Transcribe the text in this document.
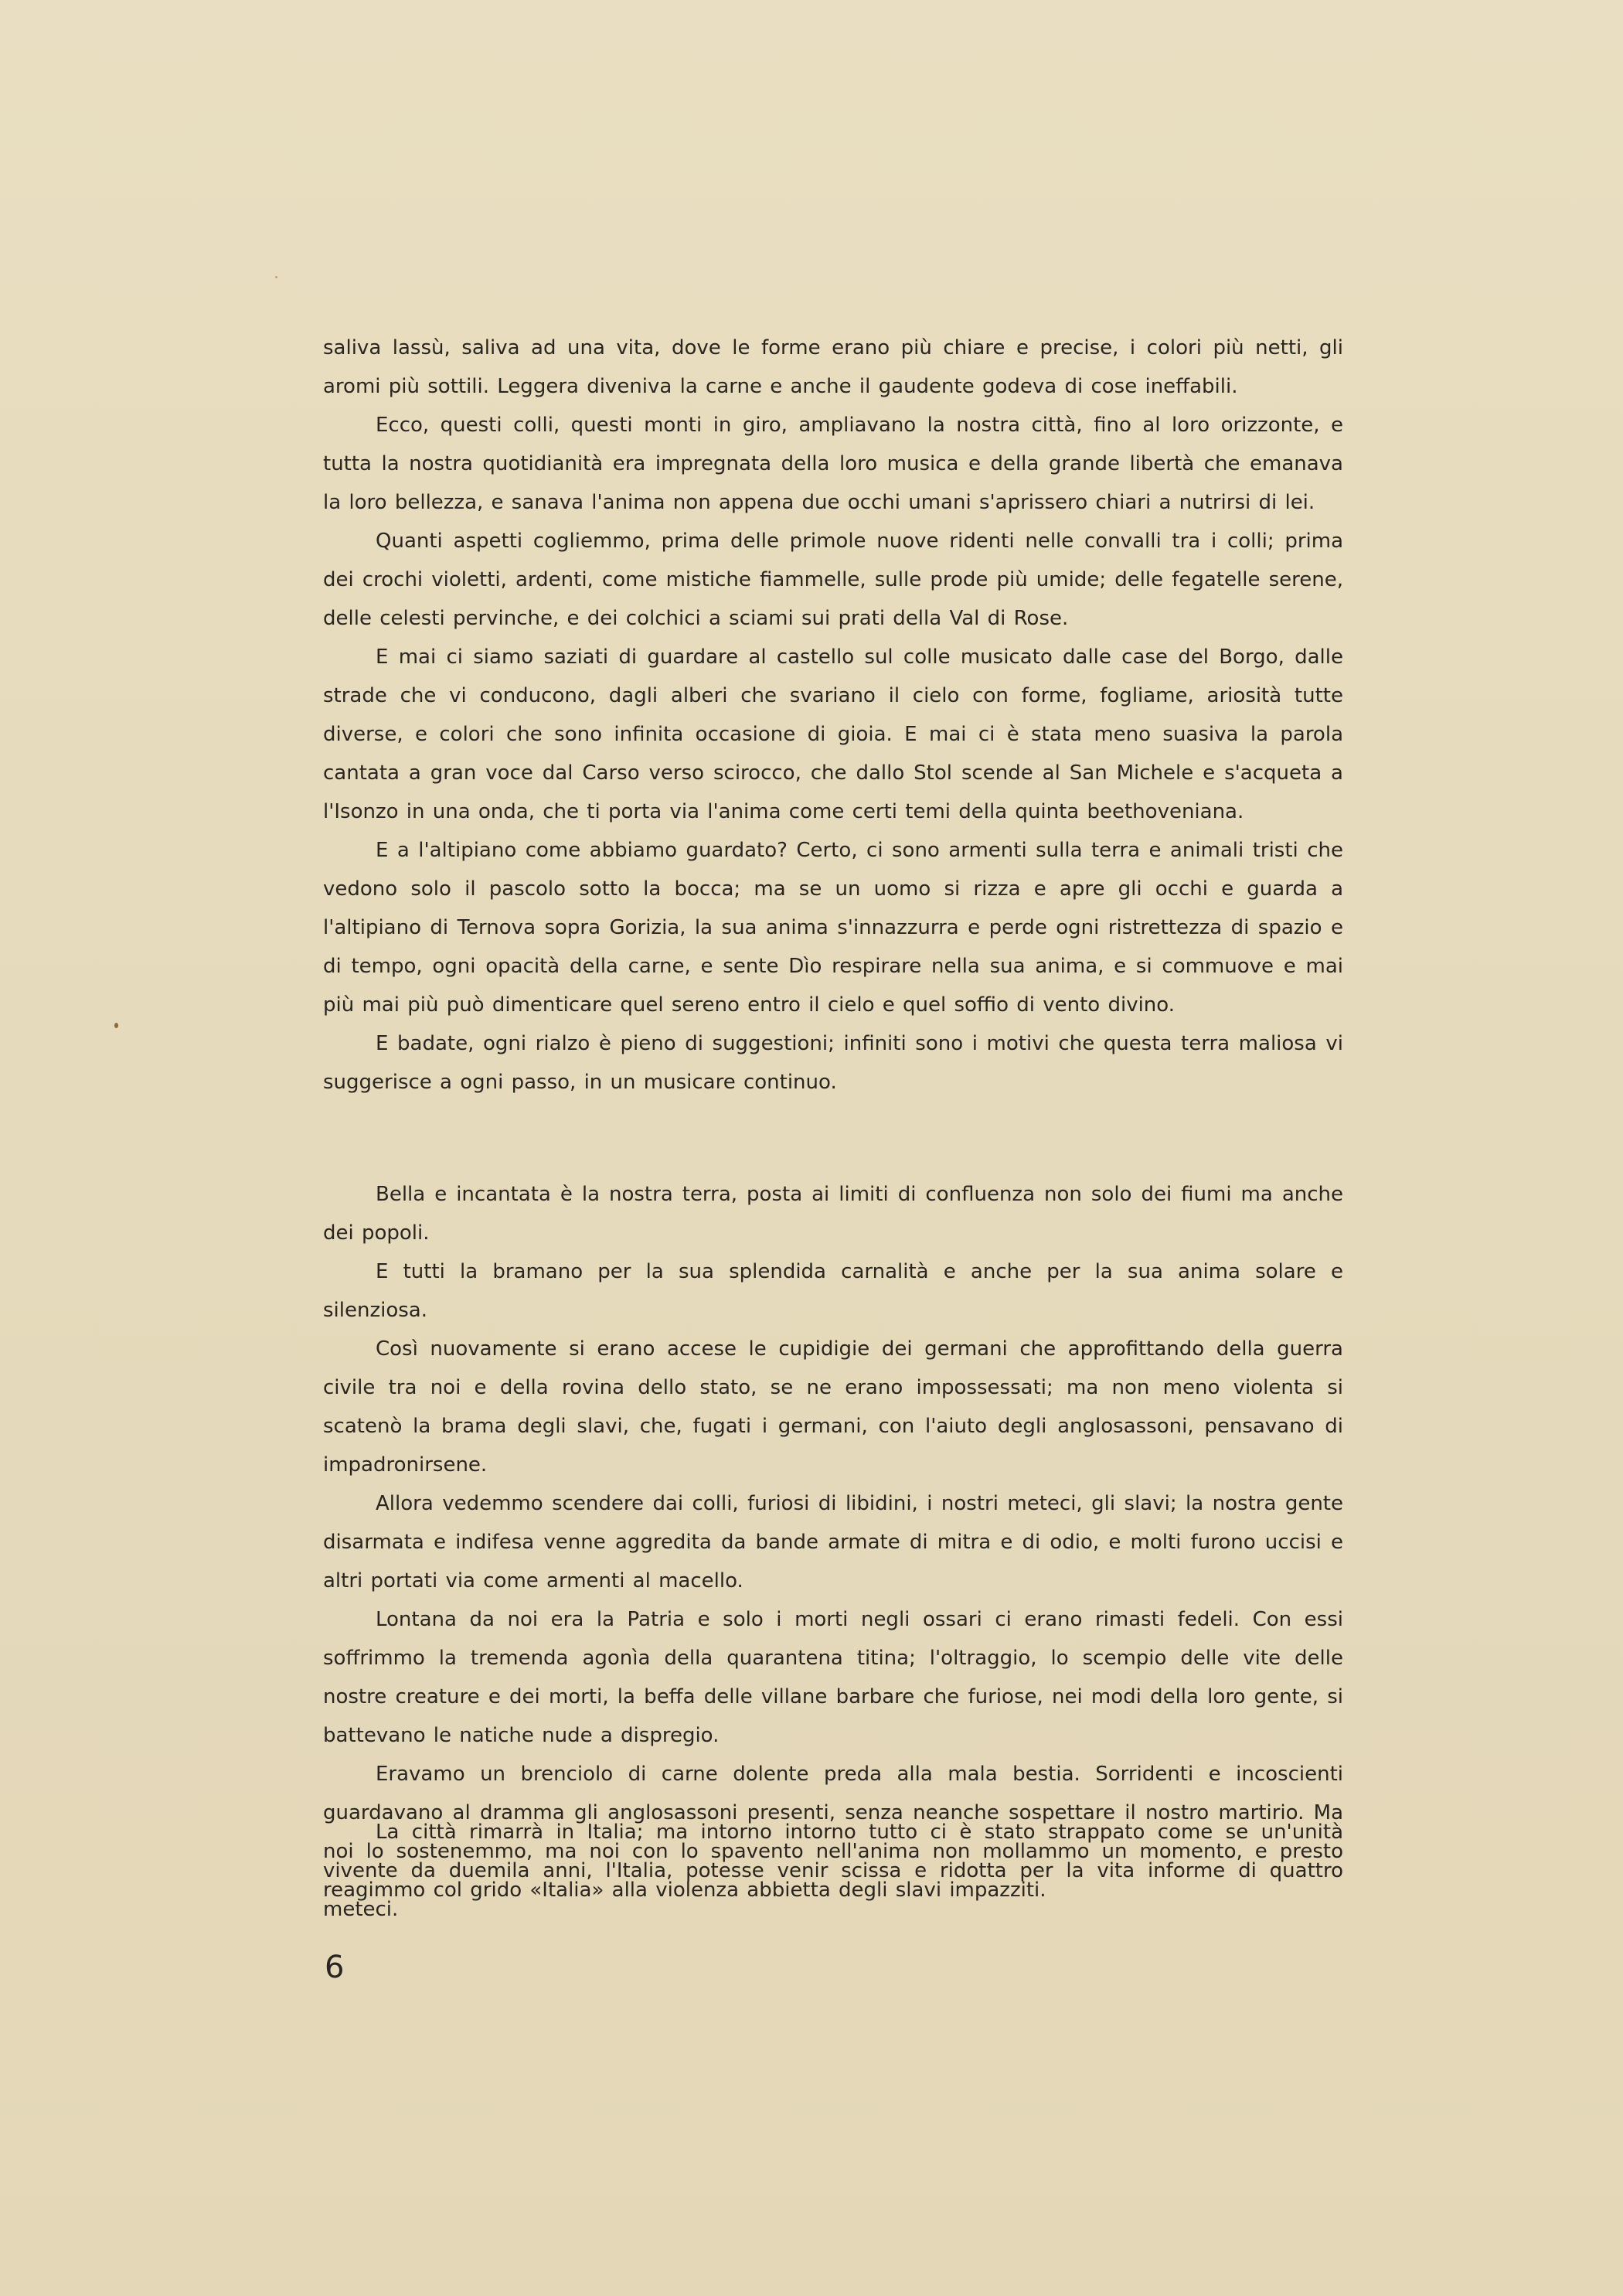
saliva lassù, saliva ad una vita, dove le forme erano più chiare e precise, i colori più netti, gli aromi più sottili. Leggera diveniva la carne e anche il gaudente godeva di cose ineffabili.

Ecco, questi colli, questi monti in giro, ampliavano la nostra città, fino al loro orizzonte, e tutta la nostra quotidianità era impregnata della loro musica e della grande libertà che emanava la loro bellezza, e sanava l'anima non appena due occhi umani s'aprissero chiari a nutrirsi di lei.

Quanti aspetti cogliemmo, prima delle primole nuove ridenti nelle convalli tra i colli; prima dei crochi violetti, ardenti, come mistiche fiammelle, sulle prode più umide; delle fegatelle serene, delle celesti pervinche, e dei colchici a sciami sui prati della Val di Rose.

E mai ci siamo saziati di guardare al castello sul colle musicato dalle case del Borgo, dalle strade che vi conducono, dagli alberi che svariano il cielo con forme, fogliame, ariosità tutte diverse, e colori che sono infinita occasione di gioia. E mai ci è stata meno suasiva la parola cantata a gran voce dal Carso verso scirocco, che dallo Stol scende al San Michele e s'acqueta a l'Isonzo in una onda, che ti porta via l'anima come certi temi della quinta beethoveniana.

E a l'altipiano come abbiamo guardato? Certo, ci sono armenti sulla terra e animali tristi che vedono solo il pascolo sotto la bocca; ma se un uomo si rizza e apre gli occhi e guarda a l'altipiano di Ternova sopra Gorizia, la sua anima s'innazzurra e perde ogni ristrettezza di spazio e di tempo, ogni opacità della carne, e sente Dìo respirare nella sua anima, e si commuove e mai più mai più può dimenticare quel sereno entro il cielo e quel soffio di vento divino.

E badate, ogni rialzo è pieno di suggestioni; infiniti sono i motivi che questa terra maliosa vi suggerisce a ogni passo, in un musicare continuo.

Bella e incantata è la nostra terra, posta ai limiti di confluenza non solo dei fiumi ma anche dei popoli.

E tutti la bramano per la sua splendida carnalità e anche per la sua anima solare e silenziosa.

Così nuovamente si erano accese le cupidigie dei germani che approfittando della guerra civile tra noi e della rovina dello stato, se ne erano impossessati; ma non meno violenta si scatenò la brama degli slavi, che, fugati i germani, con l'aiuto degli anglosassoni, pensavano di impadronirsene.

Allora vedemmo scendere dai colli, furiosi di libidini, i nostri meteci, gli slavi; la nostra gente disarmata e indifesa venne aggredita da bande armate di mitra e di odio, e molti furono uccisi e altri portati via come armenti al macello.

Lontana da noi era la Patria e solo i morti negli ossari ci erano rimasti fedeli. Con essi soffrimmo la tremenda agonìa della quarantena titina; l'oltraggio, lo scempio delle vite delle nostre creature e dei morti, la beffa delle villane barbare che furiose, nei modi della loro gente, si battevano le natiche nude a dispregio.

Eravamo un brenciolo di carne dolente preda alla mala bestia. Sorridenti e incoscienti guardavano al dramma gli anglosassoni presenti, senza neanche sospettare il nostro martirio. Ma noi lo sostenemmo, ma noi con lo spavento nell'anima non mollammo un momento, e presto reagimmo col grido «Italia» alla violenza abbietta degli slavi impazziti.

La città rimarrà in Italia; ma intorno intorno tutto ci è stato strappato come se un'unità vivente da duemila anni, l'Italia, potesse venir scissa e ridotta per la vita informe di quattro meteci.

6
